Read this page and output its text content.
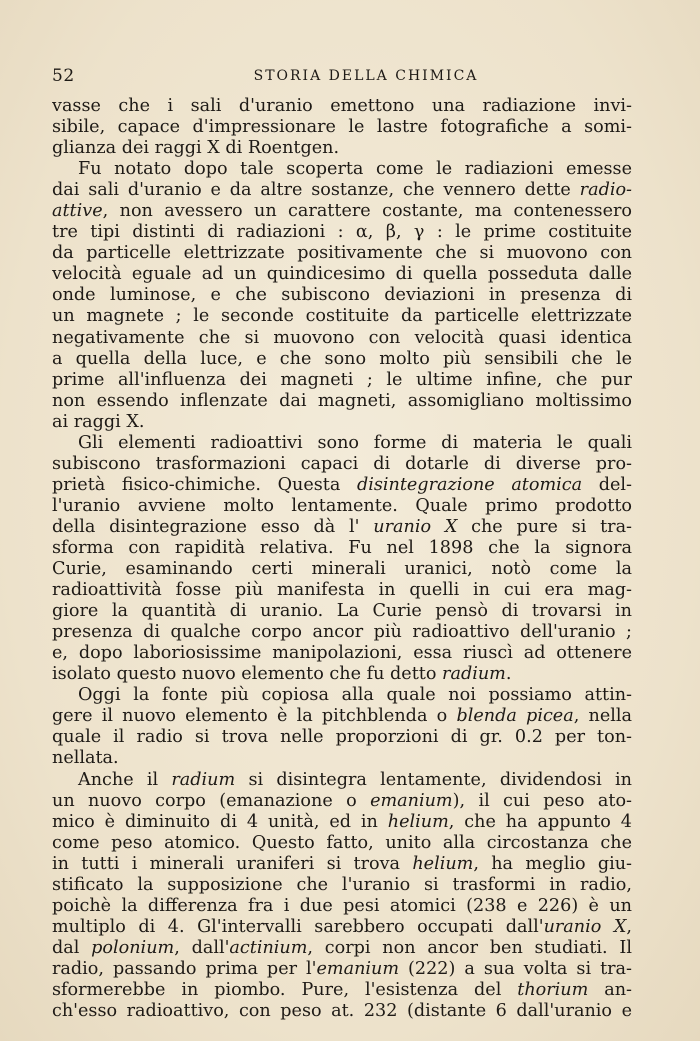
52	STORIA DELLA CHIMICA
vasse che i sali d'uranio emettono una radiazione invi-
sibile, capace d'impressionare le lastre fotografiche a somi-
glianza dei raggi X di Roentgen.
Fu notato dopo tale scoperta come le radiazioni emesse
dai sali d'uranio e da altre sostanze, che vennero dette radio-
attive, non avessero un carattere costante, ma contenessero
tre tipi distinti di radiazioni : α, β, γ : le prime costituite
da particelle elettrizzate positivamente che si muovono con
velocità eguale ad un quindicesimo di quella posseduta dalle
onde luminose, e che subiscono deviazioni in presenza di
un magnete ; le seconde costituite da particelle elettrizzate
negativamente che si muovono con velocità quasi identica
a quella della luce, e che sono molto più sensibili che le
prime all'influenza dei magneti ; le ultime infine, che pur
non essendo inflenzate dai magneti, assomigliano moltissimo
ai raggi X.
Gli elementi radioattivi sono forme di materia le quali
subiscono trasformazioni capaci di dotarle di diverse pro-
prietà fisico-chimiche. Questa disintegrazione atomica del-
l'uranio avviene molto lentamente. Quale primo prodotto
della disintegrazione esso dà l' uranio X che pure si tra-
sforma con rapidità relativa. Fu nel 1898 che la signora
Curie, esaminando certi minerali uranici, notò come la
radioattività fosse più manifesta in quelli in cui era mag-
giore la quantità di uranio. La Curie pensò di trovarsi in
presenza di qualche corpo ancor più radioattivo dell'uranio ;
e, dopo laboriosissime manipolazioni, essa riuscì ad ottenere
isolato questo nuovo elemento che fu detto radium.
Oggi la fonte più copiosa alla quale noi possiamo attin-
gere il nuovo elemento è la pitchblenda o blenda picea, nella
quale il radio si trova nelle proporzioni di gr. 0.2 per ton-
nellata.
Anche il radium si disintegra lentamente, dividendosi in
un nuovo corpo (emanazione o emanium), il cui peso ato-
mico è diminuito di 4 unità, ed in helium, che ha appunto 4
come peso atomico. Questo fatto, unito alla circostanza che
in tutti i minerali uraniferi si trova helium, ha meglio giu-
stificato la supposizione che l'uranio si trasformi in radio,
poichè la differenza fra i due pesi atomici (238 e 226) è un
multiplo di 4. Gl'intervalli sarebbero occupati dall'uranio X,
dal polonium, dall'actinium, corpi non ancor ben studiati. Il
radio, passando prima per l'emanium (222) a sua volta si tra-
sformerebbe in piombo. Pure, l'esistenza del thorium an-
ch'esso radioattivo, con peso at. 232 (distante 6 dall'uranio e
